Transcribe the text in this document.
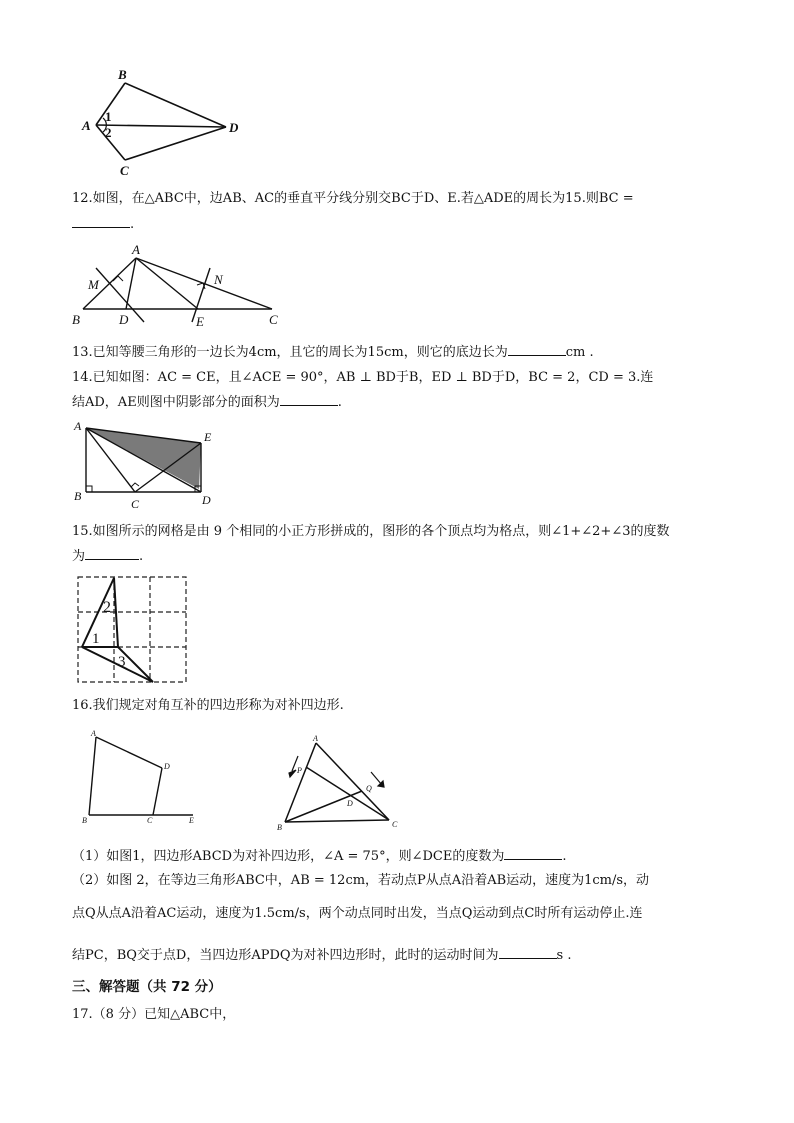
B
A	D
C
1
2
12.如图，在△ABC中，边AB、AC的垂直平分线分别交BC于D、E.若△ADE的周长为15.则BC =
.
A
M	N
B	D	E	C
13.已知等腰三角形的一边长为4cm，且它的周长为15cm，则它的底边长为	cm .
14.已知如图：AC = CE，且∠ACE = 90°，AB ⊥ BD于B，ED ⊥ BD于D，BC = 2，CD = 3.连
结AD，AE则图中阴影部分的面积为	.
A
E
B
C	D
15.如图所示的网格是由 9 个相同的小正方形拼成的，图形的各个顶点均为格点，则∠1+∠2+∠3的度数
为	.
2
1
3
16.我们规定对角互补的四边形称为对补四边形.
A
D
B	C	E
A
P
Q
D
B	C
（1）如图1，四边形ABCD为对补四边形，∠A = 75°，则∠DCE的度数为	.
（2）如图 2，在等边三角形ABC中，AB = 12cm，若动点P从点A沿着AB运动，速度为1cm/s，动
点Q从点A沿着AC运动，速度为1.5cm/s，两个动点同时出发，当点Q运动到点C时所有运动停止.连
结PC，BQ交于点D，当四边形APDQ为对补四边形时，此时的运动时间为	s .
三、解答题（共 72 分）
17.（8 分）已知△ABC中，
